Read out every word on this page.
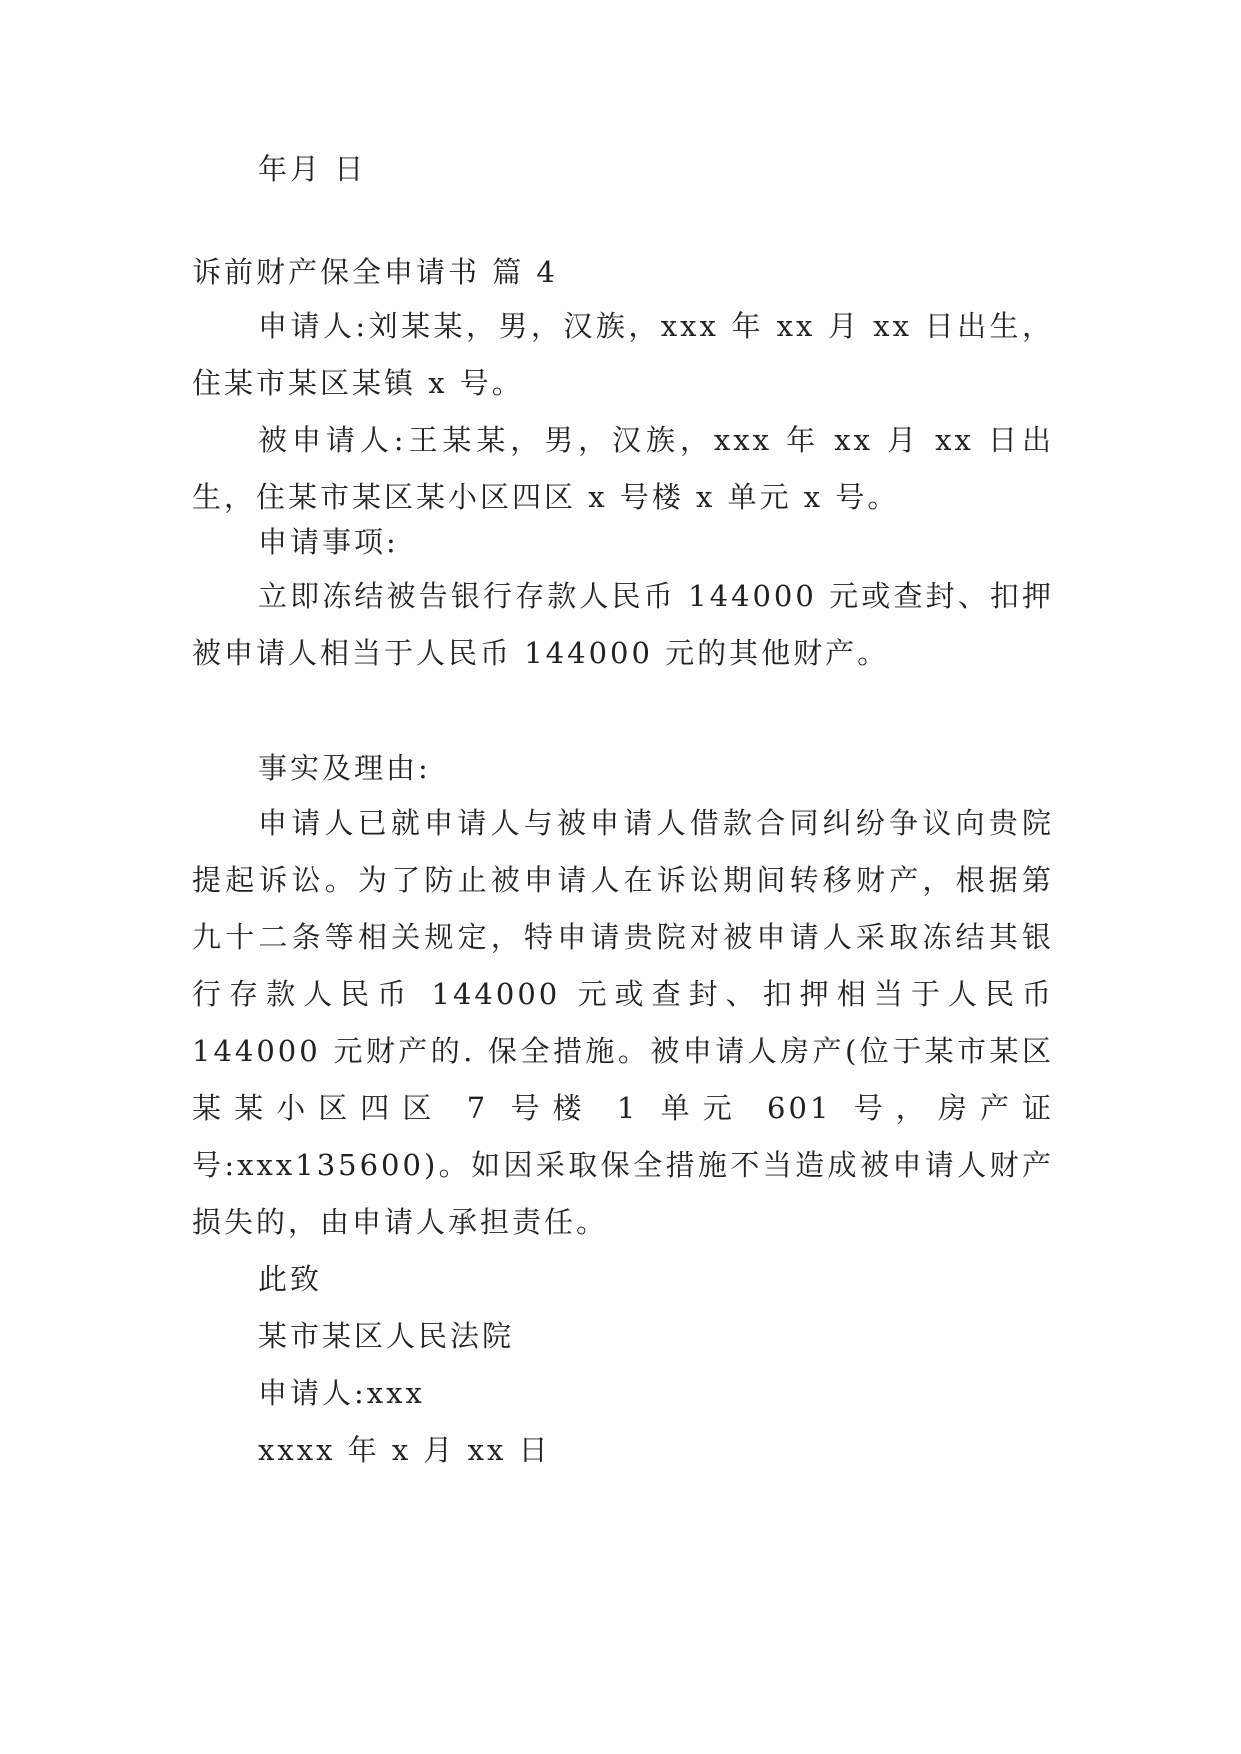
年月 日
诉前财产保全申请书 篇 4
申请人:刘某某，男，汉族，xxx 年 xx 月 xx 日出生，住某市某区某镇 x 号。
被申请人:王某某，男，汉族，xxx 年 xx 月 xx 日出生，住某市某区某小区四区 x 号楼 x 单元 x 号。
申请事项:
立即冻结被告银行存款人民币 144000 元或查封、扣押被申请人相当于人民币 144000 元的其他财产。
事实及理由:
申请人已就申请人与被申请人借款合同纠纷争议向贵院提起诉讼。为了防止被申请人在诉讼期间转移财产，根据第九十二条等相关规定，特申请贵院对被申请人采取冻结其银行存款人民币 144000 元或查封、扣押相当于人民币 144000 元财产的. 保全措施。被申请人房产(位于某市某区某某小区四区 7 号楼 1 单元 601 号，房产证号:xxx135600)。如因采取保全措施不当造成被申请人财产损失的，由申请人承担责任。
此致
某市某区人民法院
申请人:xxx
xxxx 年 x 月 xx 日
